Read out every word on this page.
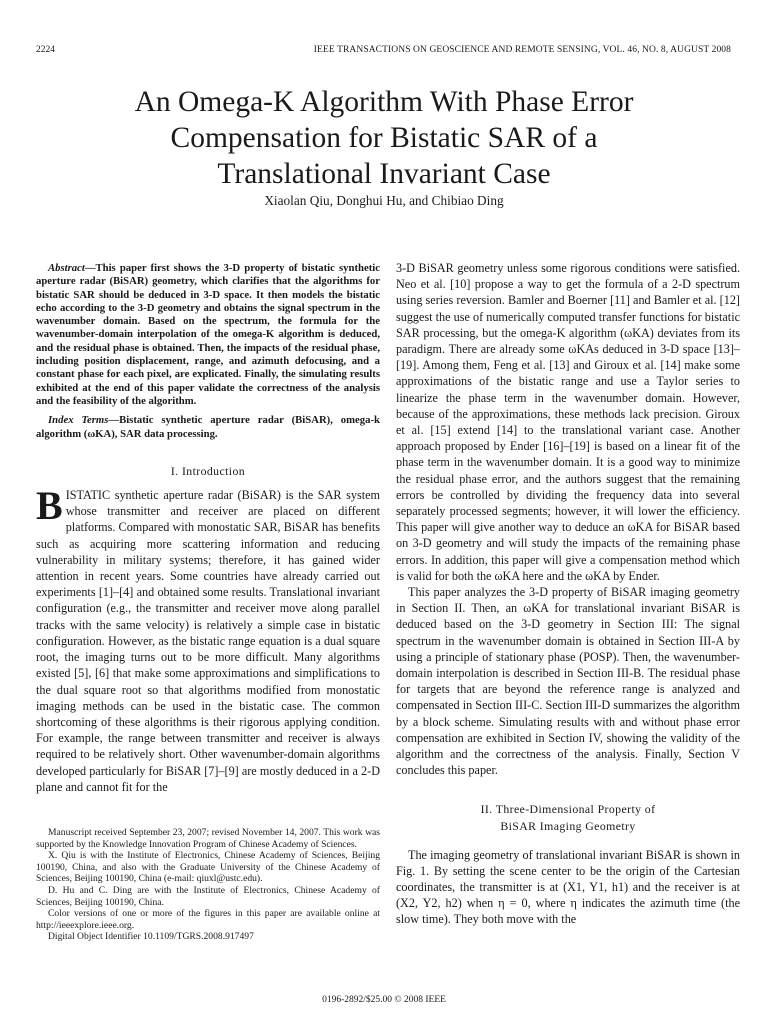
2224	IEEE TRANSACTIONS ON GEOSCIENCE AND REMOTE SENSING, VOL. 46, NO. 8, AUGUST 2008
An Omega-K Algorithm With Phase Error
Compensation for Bistatic SAR of a
Translational Invariant Case
Xiaolan Qiu, Donghui Hu, and Chibiao Ding

Abstract—This paper first shows the 3-D property of bistatic synthetic aperture radar (BiSAR) geometry, which clarifies that the algorithms for bistatic SAR should be deduced in 3-D space. It then models the bistatic echo according to the 3-D geometry and obtains the signal spectrum in the wavenumber domain. Based on the spectrum, the formula for the wavenumber-domain interpolation of the omega-K algorithm is deduced, and the residual phase is obtained. Then, the impacts of the residual phase, including position displacement, range, and azimuth defocusing, and a constant phase for each pixel, are explicated. Finally, the simulating results exhibited at the end of this paper validate the correctness of the analysis and the feasibility of the algorithm.

Index Terms—Bistatic synthetic aperture radar (BiSAR), omega-k algorithm (ωKA), SAR data processing.

I. Introduction

BISTATIC synthetic aperture radar (BiSAR) is the SAR system whose transmitter and receiver are placed on different platforms. Compared with monostatic SAR, BiSAR has benefits such as acquiring more scattering information and reducing vulnerability in military systems; therefore, it has gained wider attention in recent years. Some countries have already carried out experiments [1]–[4] and obtained some results. Translational invariant configuration (e.g., the transmitter and receiver move along parallel tracks with the same velocity) is relatively a simple case in bistatic configuration. However, as the bistatic range equation is a dual square root, the imaging turns out to be more difficult. Many algorithms existed [5], [6] that make some approximations and simplifications to the dual square root so that algorithms modified from monostatic imaging methods can be used in the bistatic case. The common shortcoming of these algorithms is their rigorous applying condition. For example, the range between transmitter and receiver is always required to be relatively short. Other wavenumber-domain algorithms developed particularly for BiSAR [7]–[9] are mostly deduced in a 2-D plane and cannot fit for the

3-D BiSAR geometry unless some rigorous conditions were satisfied. Neo et al. [10] propose a way to get the formula of a 2-D spectrum using series reversion. Bamler and Boerner [11] and Bamler et al. [12] suggest the use of numerically computed transfer functions for bistatic SAR processing, but the omega-K algorithm (ωKA) deviates from its paradigm. There are already some ωKAs deduced in 3-D space [13]–[19]. Among them, Feng et al. [13] and Giroux et al. [14] make some approximations of the bistatic range and use a Taylor series to linearize the phase term in the wavenumber domain. However, because of the approximations, these methods lack precision. Giroux et al. [15] extend [14] to the translational variant case. Another approach proposed by Ender [16]–[19] is based on a linear fit of the phase term in the wavenumber domain. It is a good way to minimize the residual phase error, and the authors suggest that the remaining errors be controlled by dividing the frequency data into several separately processed segments; however, it will lower the efficiency. This paper will give another way to deduce an ωKA for BiSAR based on 3-D geometry and will study the impacts of the remaining phase errors. In addition, this paper will give a compensation method which is valid for both the ωKA here and the ωKA by Ender.

This paper analyzes the 3-D property of BiSAR imaging geometry in Section II. Then, an ωKA for translational invariant BiSAR is deduced based on the 3-D geometry in Section III: The signal spectrum in the wavenumber domain is obtained in Section III-A by using a principle of stationary phase (POSP). Then, the wavenumber-domain interpolation is described in Section III-B. The residual phase for targets that are beyond the reference range is analyzed and compensated in Section III-C. Section III-D summarizes the algorithm by a block scheme. Simulating results with and without phase error compensation are exhibited in Section IV, showing the validity of the algorithm and the correctness of the analysis. Finally, Section V concludes this paper.

II. Three-Dimensional Property of
BiSAR Imaging Geometry

The imaging geometry of translational invariant BiSAR is shown in Fig. 1. By setting the scene center to be the origin of the Cartesian coordinates, the transmitter is at (X1, Y1, h1) and the receiver is at (X2, Y2, h2) when η = 0, where η indicates the azimuth time (the slow time). They both move with the

Manuscript received September 23, 2007; revised November 14, 2007. This work was supported by the Knowledge Innovation Program of Chinese Academy of Sciences.

X. Qiu is with the Institute of Electronics, Chinese Academy of Sciences, Beijing 100190, China, and also with the Graduate University of the Chinese Academy of Sciences, Beijing 100190, China (e-mail: qiuxl@ustc.edu).

D. Hu and C. Ding are with the Institute of Electronics, Chinese Academy of Sciences, Beijing 100190, China.

Color versions of one or more of the figures in this paper are available online at http://ieeexplore.ieee.org.

Digital Object Identifier 10.1109/TGRS.2008.917497

0196-2892/$25.00 © 2008 IEEE
